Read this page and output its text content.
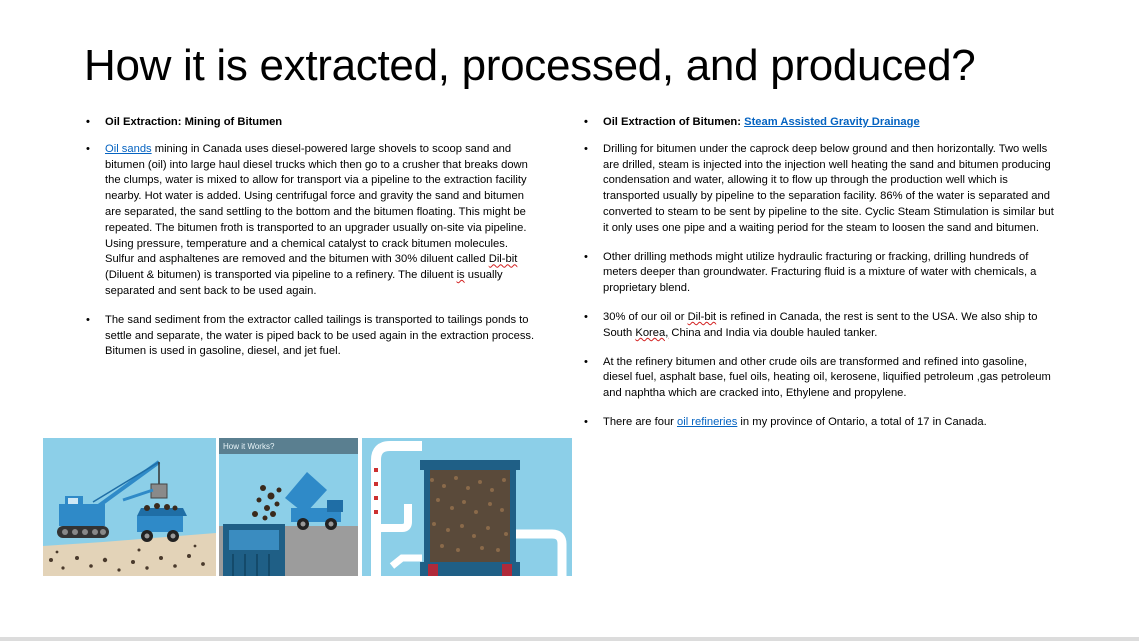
How it is extracted, processed, and produced?

• Oil Extraction: Mining of Bitumen

• Oil sands mining in Canada uses diesel-powered large shovels to scoop sand and bitumen (oil) into large haul diesel trucks which then go to a crusher that breaks down the clumps, water is mixed to allow for transport via a pipeline to the extraction facility nearby. Hot water is added. Using centrifugal force and gravity the sand and bitumen are separated, the sand settling to the bottom and the bitumen floating. This might be repeated. The bitumen froth is transported to an upgrader usually on-site via pipeline. Using pressure, temperature and a chemical catalyst to crack bitumen molecules. Sulfur and asphaltenes are removed and the bitumen with 30% diluent called Dil-bit (Diluent & bitumen) is transported via pipeline to a refinery. The diluent is usually separated and sent back to be used again.

• The sand sediment from the extractor called tailings is transported to tailings ponds to settle and separate, the water is piped back to be used again in the extraction process. Bitumen is used in gasoline, diesel, and jet fuel.

• Oil Extraction of Bitumen: Steam Assisted Gravity Drainage

• Drilling for bitumen under the caprock deep below ground and then horizontally. Two wells are drilled, steam is injected into the injection well heating the sand and bitumen producing condensation and water, allowing it to flow up through the production well which is transported usually by pipeline to the separation facility. 86% of the water is separated and converted to steam to be sent by pipeline to the site. Cyclic Steam Stimulation is similar but it only uses one pipe and a waiting period for the steam to loosen the sand and bitumen.

• Other drilling methods might utilize hydraulic fracturing or fracking, drilling hundreds of meters deeper than groundwater. Fracturing fluid is a mixture of water with chemicals, a proprietary blend.

• 30% of our oil or Dil-bit is refined in Canada, the rest is sent to the USA. We also ship to South Korea, China and India via double hauled tanker.

• At the refinery bitumen and other crude oils are transformed and refined into gasoline, diesel fuel, asphalt base, fuel oils, heating oil, kerosene, liquified petroleum ,gas petroleum and naphtha which are cracked into, Ethylene and propylene.

• There are four oil refineries in my province of Ontario, a total of 17 in Canada.

How it Works?
